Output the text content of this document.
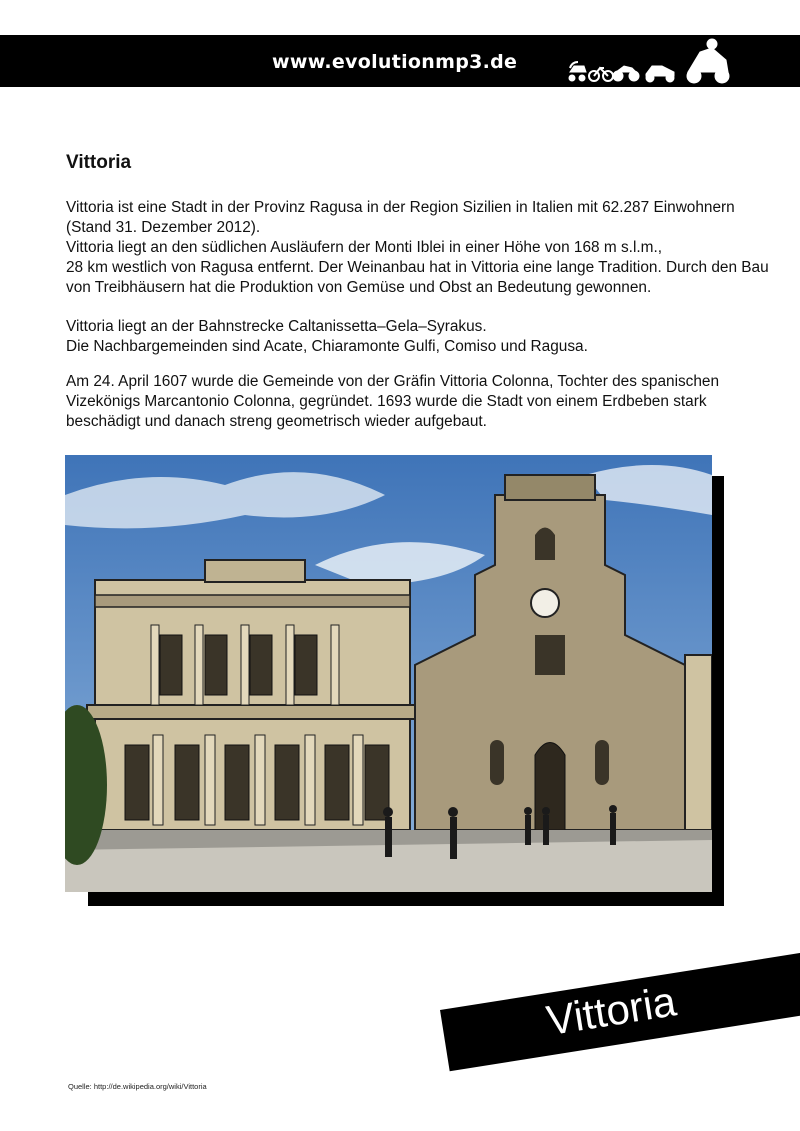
www.evolutionmp3.de
Vittoria

Vittoria ist eine Stadt in der Provinz Ragusa in der Region Sizilien in Italien mit 62.287 Einwohnern (Stand 31. Dezember 2012).
Vittoria liegt an den südlichen Ausläufern der Monti Iblei in einer Höhe von 168 m s.l.m.,
28 km westlich von Ragusa entfernt. Der Weinanbau hat in Vittoria eine lange Tradition. Durch den Bau von Treibhäusern hat die Produktion von Gemüse und Obst an Bedeutung gewonnen.

Vittoria liegt an der Bahnstrecke Caltanissetta–Gela–Syrakus.
Die Nachbargemeinden sind Acate, Chiaramonte Gulfi, Comiso und Ragusa.

Am 24. April 1607 wurde die Gemeinde von der Gräfin Vittoria Colonna, Tochter des spanischen Vizekönigs Marcantonio Colonna, gegründet. 1693 wurde die Stadt von einem Erdbeben stark beschädigt und danach streng geometrisch wieder aufgebaut.

Vittoria
Quelle: http://de.wikipedia.org/wiki/Vittoria
